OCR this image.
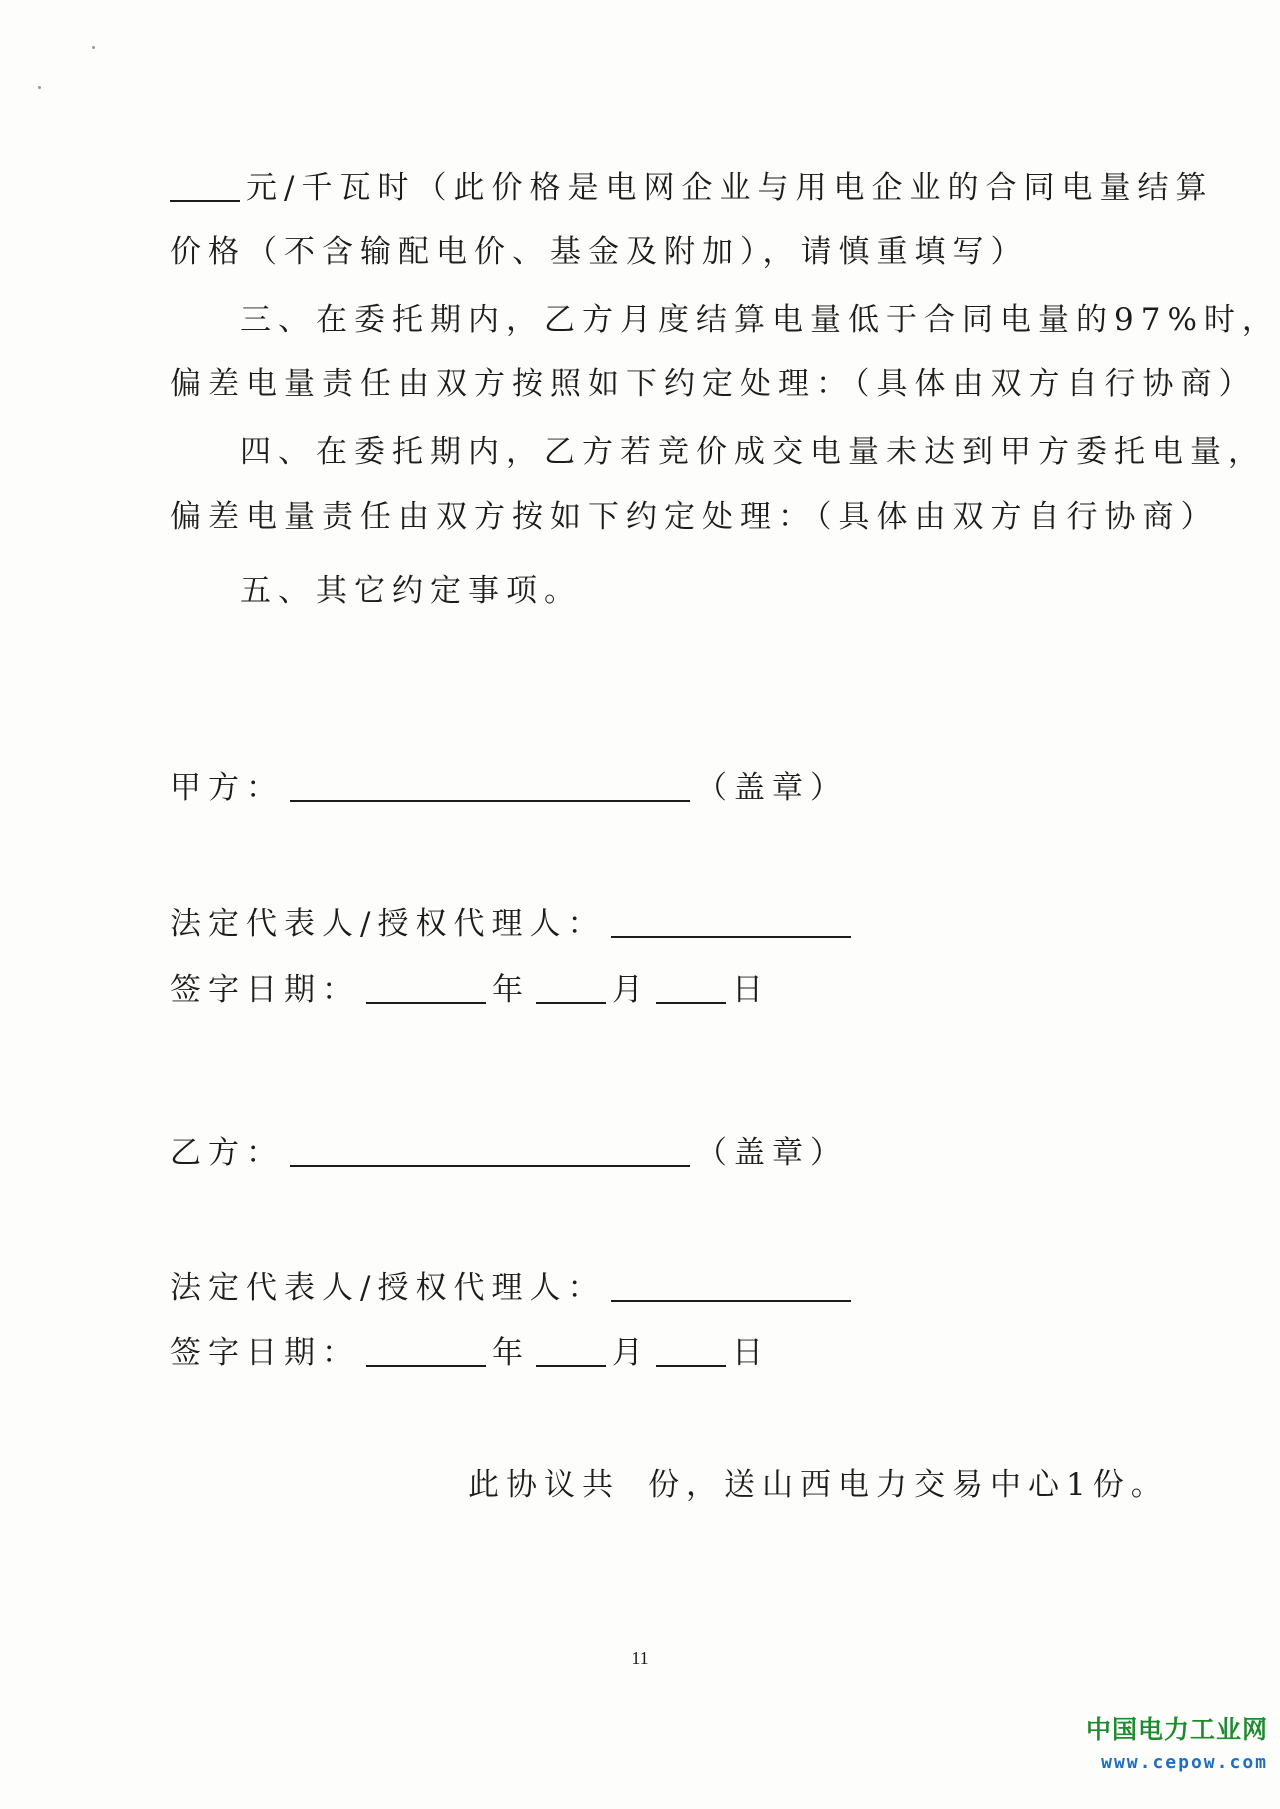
元/千瓦时（此价格是电网企业与用电企业的合同电量结算
价格（不含输配电价、基金及附加），请慎重填写）
三、在委托期内，乙方月度结算电量低于合同电量的97%时，
偏差电量责任由双方按照如下约定处理：（具体由双方自行协商）
四、在委托期内，乙方若竞价成交电量未达到甲方委托电量，
偏差电量责任由双方按如下约定处理：（具体由双方自行协商）
五、其它约定事项。
甲方：	（盖章）
法定代表人/授权代理人：
签字日期：	年	月	日
乙方：	（盖章）
法定代表人/授权代理人：
签字日期：	年	月	日
此协议共 份，送山西电力交易中心1份。
11
中国电力工业网
www.cepow.com
